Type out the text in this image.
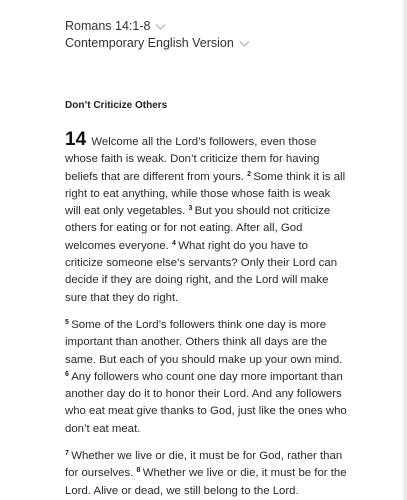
Romans 14:1-8
Contemporary English Version
Don’t Criticize Others

14 Welcome all the Lord’s followers, even those whose faith is weak. Don’t criticize them for having beliefs that are different from yours. $^2$  Some think it is all right to eat anything, while those whose faith is weak will eat only vegetables. $^3$  But you should not criticize others for eating or for not eating. After all, God welcomes everyone. $^4$  What right do you have to criticize someone else’s servants? Only their Lord can decide if they are doing right, and the Lord will make sure that they do right.

$^5$  Some of the Lord’s followers think one day is more important than another. Others think all days are the same. But each of you should make up your own mind. $^6$  Any followers who count one day more important than another day do it to honor their Lord. And any followers who eat meat give thanks to God, just like the ones who don’t eat meat.

$^7$  Whether we live or die, it must be for God, rather than for ourselves. $^8$  Whether we live or die, it must be for the Lord. Alive or dead, we still belong to the Lord.
